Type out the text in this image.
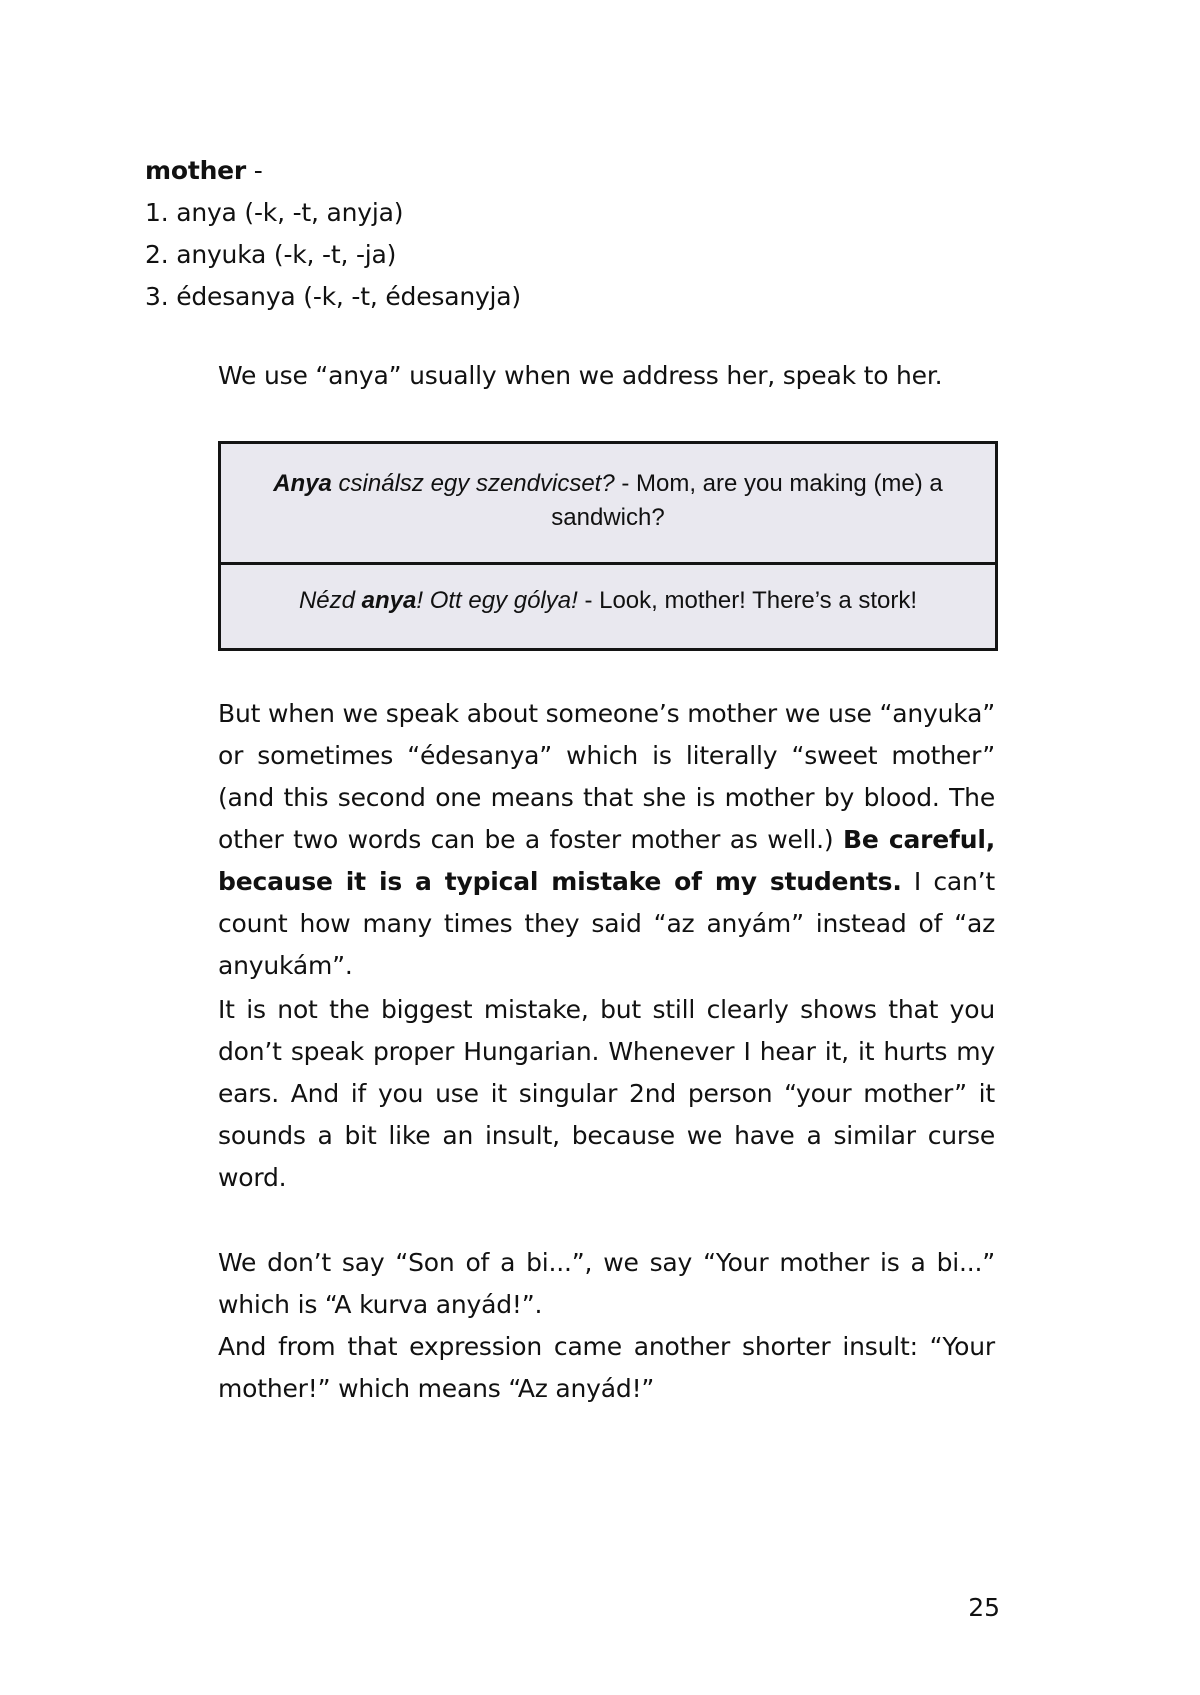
mother -
1. anya (-k, -t, anyja)
2. anyuka (-k, -t, -ja)
3. édesanya (-k, -t, édesanyja)
We use “anya” usually when we address her, speak to her.
Anya csinálsz egy szendvicset? - Mom, are you making (me) a sandwich?
Nézd anya! Ott egy gólya! - Look, mother! There’s a stork!
But when we speak about someone’s mother we use “anyuka” or sometimes “édesanya” which is literally “sweet mother” (and this second one means that she is mother by blood. The other two words can be a foster mother as well.) Be careful, because it is a typical mistake of my students. I can’t count how many times they said “az anyám” instead of “az anyukám”.
It is not the biggest mistake, but still clearly shows that you don’t speak proper Hungarian. Whenever I hear it, it hurts my ears. And if you use it singular 2nd person “your mother” it sounds a bit like an insult, because we have a similar curse word.
We don’t say “Son of a bi...”, we say “Your mother is a bi...” which is “A kurva anyád!”.
And from that expression came another shorter insult: “Your mother!” which means “Az anyád!”
25
